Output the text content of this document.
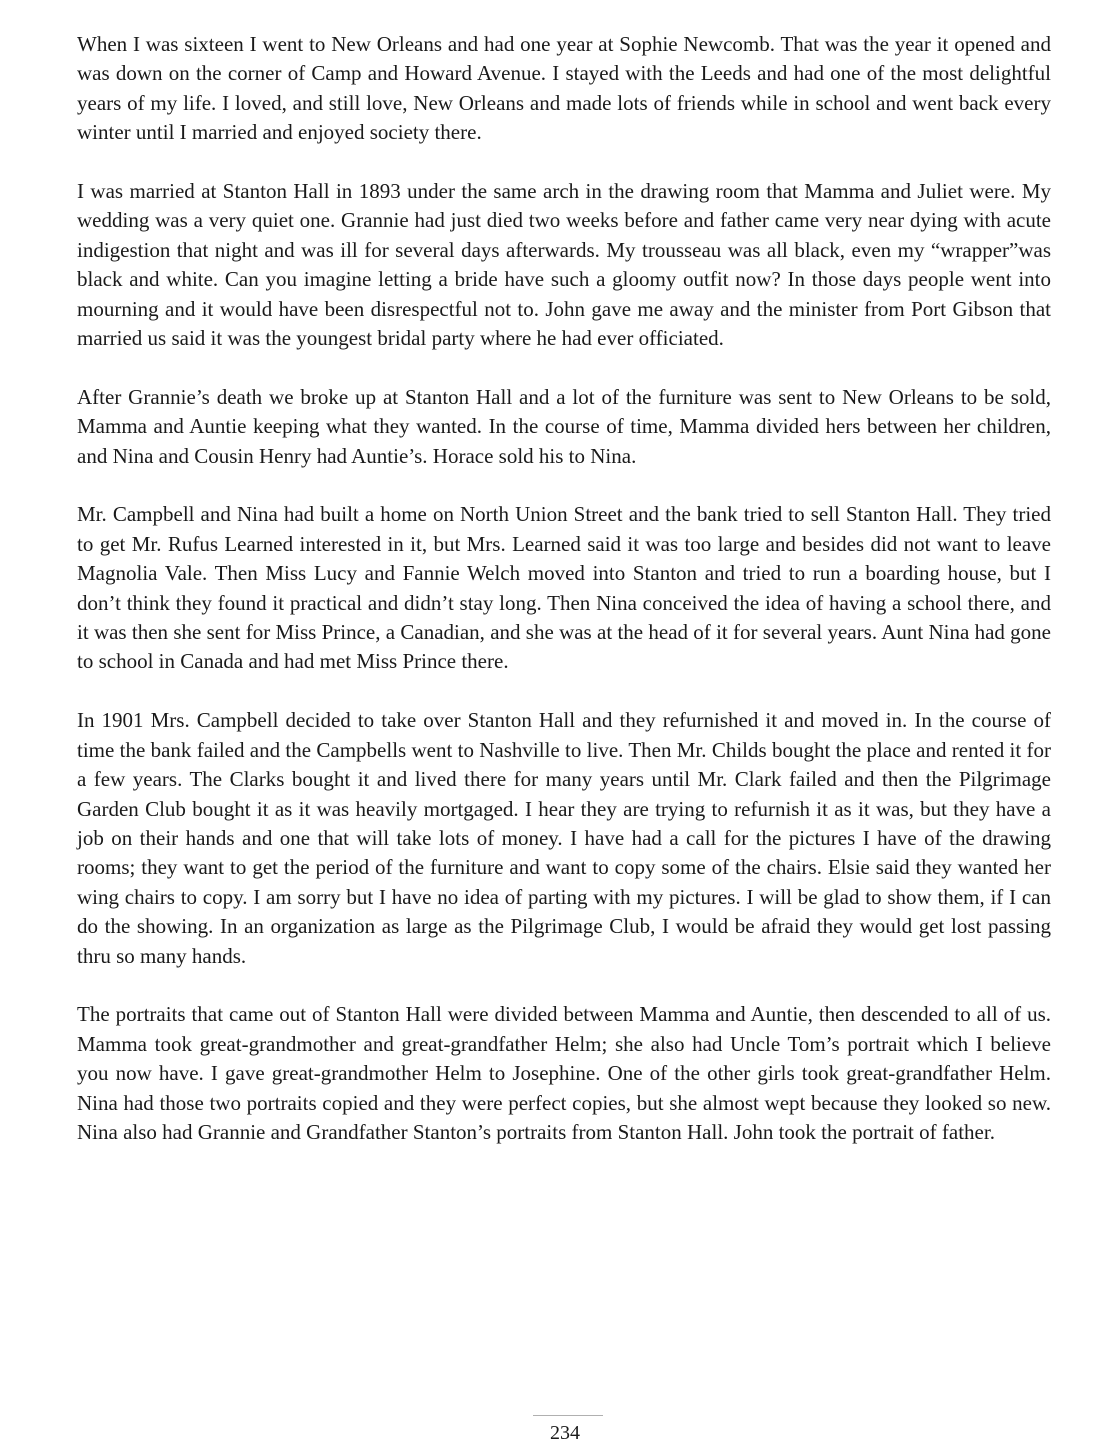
When I was sixteen I went to New Orleans and had one year at Sophie Newcomb. That was the year it opened and was down on the corner of Camp and Howard Avenue. I stayed with the Leeds and had one of the most delightful years of my life. I loved, and still love, New Orleans and made lots of friends while in school and went back every winter until I married and enjoyed society there.

I was married at Stanton Hall in 1893 under the same arch in the drawing room that Mamma and Juliet were. My wedding was a very quiet one. Grannie had just died two weeks before and father came very near dying with acute indigestion that night and was ill for several days afterwards. My trousseau was all black, even my “wrapper”was black and white. Can you imagine letting a bride have such a gloomy outfit now? In those days people went into mourning and it would have been disrespectful not to. John gave me away and the minister from Port Gibson that married us said it was the youngest bridal party where he had ever officiated.

After Grannie’s death we broke up at Stanton Hall and a lot of the furniture was sent to New Orleans to be sold, Mamma and Auntie keeping what they wanted. In the course of time, Mamma divided hers between her children, and Nina and Cousin Henry had Auntie’s. Horace sold his to Nina.

Mr. Campbell and Nina had built a home on North Union Street and the bank tried to sell Stanton Hall. They tried to get Mr. Rufus Learned interested in it, but Mrs. Learned said it was too large and besides did not want to leave Magnolia Vale. Then Miss Lucy and Fannie Welch moved into Stanton and tried to run a boarding house, but I don’t think they found it practical and didn’t stay long. Then Nina conceived the idea of having a school there, and it was then she sent for Miss Prince, a Canadian, and she was at the head of it for several years. Aunt Nina had gone to school in Canada and had met Miss Prince there.

In 1901 Mrs. Campbell decided to take over Stanton Hall and they refurnished it and moved in. In the course of time the bank failed and the Campbells went to Nashville to live. Then Mr. Childs bought the place and rented it for a few years. The Clarks bought it and lived there for many years until Mr. Clark failed and then the Pilgrimage Garden Club bought it as it was heavily mortgaged. I hear they are trying to refurnish it as it was, but they have a job on their hands and one that will take lots of money. I have had a call for the pictures I have of the drawing rooms; they want to get the period of the furniture and want to copy some of the chairs. Elsie said they wanted her wing chairs to copy. I am sorry but I have no idea of parting with my pictures. I will be glad to show them, if I can do the showing. In an organization as large as the Pilgrimage Club, I would be afraid they would get lost passing thru so many hands.

The portraits that came out of Stanton Hall were divided between Mamma and Auntie, then descended to all of us. Mamma took great-grandmother and great-grandfather Helm; she also had Uncle Tom’s portrait which I believe you now have. I gave great-grandmother Helm to Josephine. One of the other girls took great-grandfather Helm. Nina had those two portraits copied and they were perfect copies, but she almost wept because they looked so new. Nina also had Grannie and Grandfather Stanton’s portraits from Stanton Hall. John took the portrait of father.

234
